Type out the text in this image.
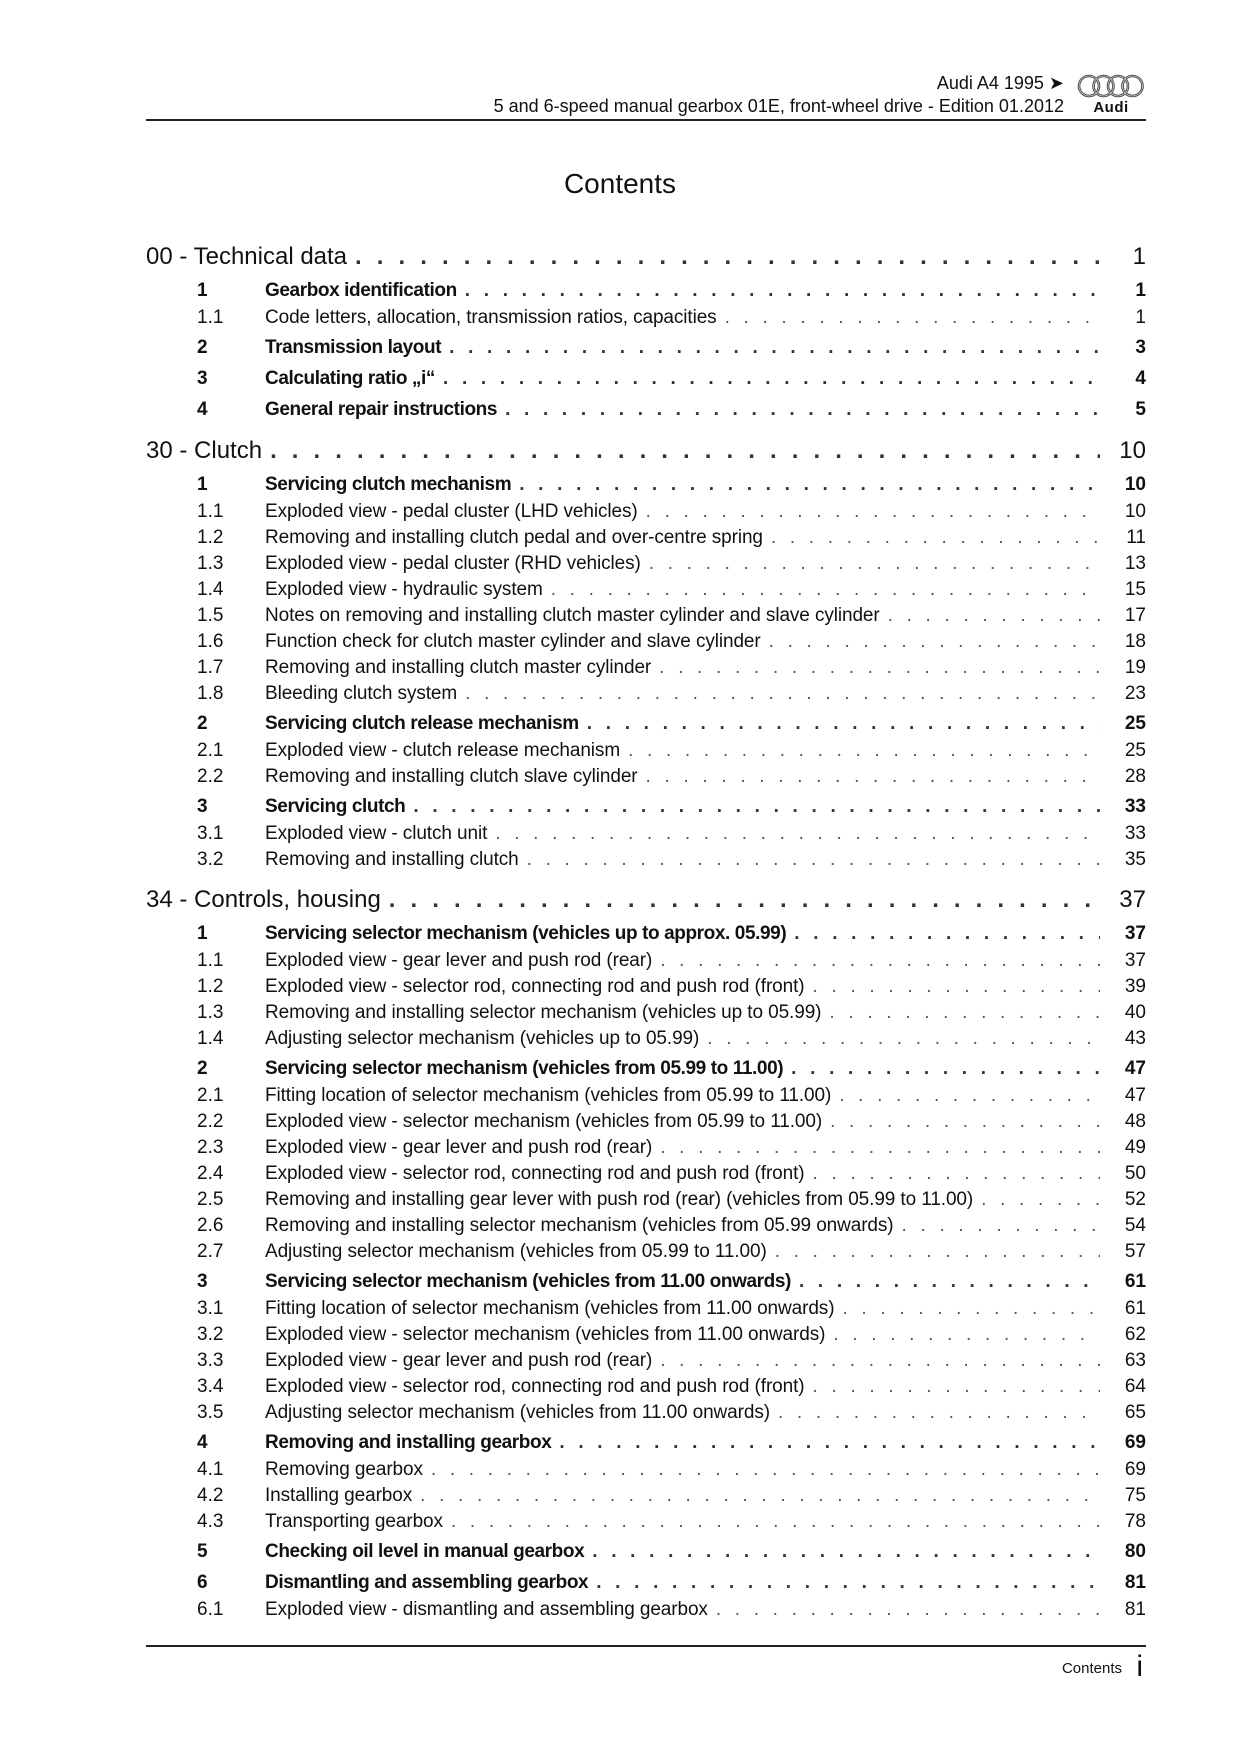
Audi A4 1995 ➤
5 and 6-speed manual gearbox 01E, front-wheel drive - Edition 01.2012	Audi
Contents
00 - Technical data . . .	1
1	Gearbox identification . . .	1
1.1	Code letters, allocation, transmission ratios, capacities . . .	1
2	Transmission layout . . .	3
3	Calculating ratio „i“ . . .	4
4	General repair instructions . . .	5
30 - Clutch . . .	10
1	Servicing clutch mechanism . . .	10
1.1	Exploded view - pedal cluster (LHD vehicles) . . .	10
1.2	Removing and installing clutch pedal and over-centre spring . . .	11
1.3	Exploded view - pedal cluster (RHD vehicles) . . .	13
1.4	Exploded view - hydraulic system . . .	15
1.5	Notes on removing and installing clutch master cylinder and slave cylinder . . .	17
1.6	Function check for clutch master cylinder and slave cylinder . . .	18
1.7	Removing and installing clutch master cylinder . . .	19
1.8	Bleeding clutch system . . .	23
2	Servicing clutch release mechanism . . .	25
2.1	Exploded view - clutch release mechanism . . .	25
2.2	Removing and installing clutch slave cylinder . . .	28
3	Servicing clutch . . .	33
3.1	Exploded view - clutch unit . . .	33
3.2	Removing and installing clutch . . .	35
34 - Controls, housing . . .	37
1	Servicing selector mechanism (vehicles up to approx. 05.99) . . .	37
1.1	Exploded view - gear lever and push rod (rear) . . .	37
1.2	Exploded view - selector rod, connecting rod and push rod (front) . . .	39
1.3	Removing and installing selector mechanism (vehicles up to 05.99) . . .	40
1.4	Adjusting selector mechanism (vehicles up to 05.99) . . .	43
2	Servicing selector mechanism (vehicles from 05.99 to 11.00) . . .	47
2.1	Fitting location of selector mechanism (vehicles from 05.99 to 11.00) . . .	47
2.2	Exploded view - selector mechanism (vehicles from 05.99 to 11.00) . . .	48
2.3	Exploded view - gear lever and push rod (rear) . . .	49
2.4	Exploded view - selector rod, connecting rod and push rod (front) . . .	50
2.5	Removing and installing gear lever with push rod (rear) (vehicles from 05.99 to 11.00) . . .	52
2.6	Removing and installing selector mechanism (vehicles from 05.99 onwards) . . .	54
2.7	Adjusting selector mechanism (vehicles from 05.99 to 11.00) . . .	57
3	Servicing selector mechanism (vehicles from 11.00 onwards) . . .	61
3.1	Fitting location of selector mechanism (vehicles from 11.00 onwards) . . .	61
3.2	Exploded view - selector mechanism (vehicles from 11.00 onwards) . . .	62
3.3	Exploded view - gear lever and push rod (rear) . . .	63
3.4	Exploded view - selector rod, connecting rod and push rod (front) . . .	64
3.5	Adjusting selector mechanism (vehicles from 11.00 onwards) . . .	65
4	Removing and installing gearbox . . .	69
4.1	Removing gearbox . . .	69
4.2	Installing gearbox . . .	75
4.3	Transporting gearbox . . .	78
5	Checking oil level in manual gearbox . . .	80
6	Dismantling and assembling gearbox . . .	81
6.1	Exploded view - dismantling and assembling gearbox . . .	81
Contents i
